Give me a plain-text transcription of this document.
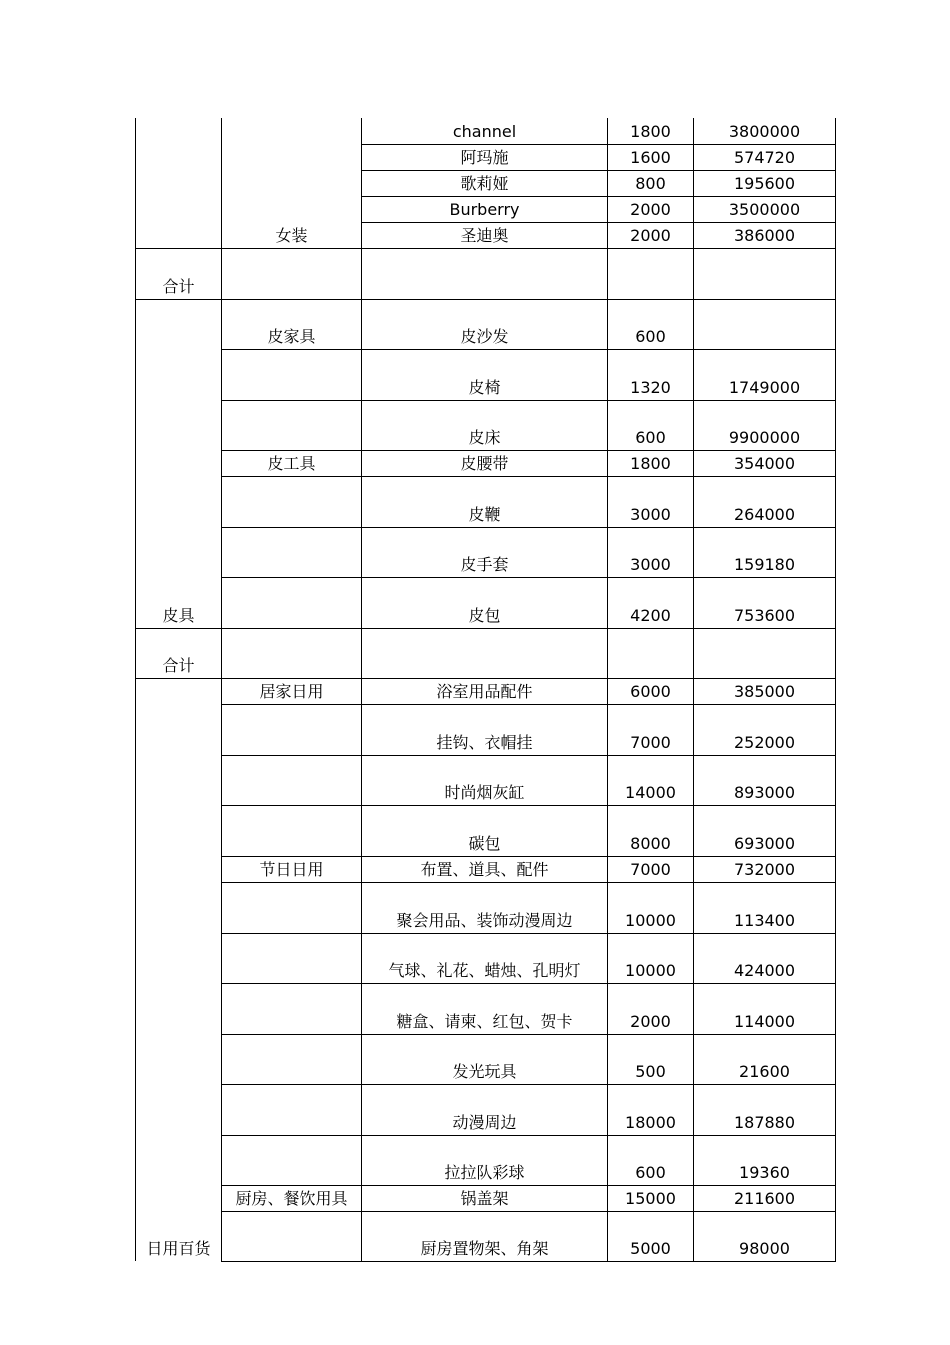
	女装	channel	1800	3800000
		阿玛施	1600	574720
		歌莉娅	800	195600
		Burberry	2000	3500000
		圣迪奥	2000	386000
合计				
皮具	皮家具	皮沙发	600	
		皮椅	1320	1749000
		皮床	600	9900000
	皮工具	皮腰带	1800	354000
		皮鞭	3000	264000
		皮手套	3000	159180
		皮包	4200	753600
合计				
日用百货	居家日用	浴室用品配件	6000	385000
		挂钩、衣帽挂	7000	252000
		时尚烟灰缸	14000	893000
		碳包	8000	693000
	节日日用	布置、道具、配件	7000	732000
		聚会用品、装饰动漫周边	10000	113400
		气球、礼花、蜡烛、孔明灯	10000	424000
		糖盒、请柬、红包、贺卡	2000	114000
		发光玩具	500	21600
		动漫周边	18000	187880
		拉拉队彩球	600	19360
	厨房、餐饮用具	锅盖架	15000	211600
		厨房置物架、角架	5000	98000
